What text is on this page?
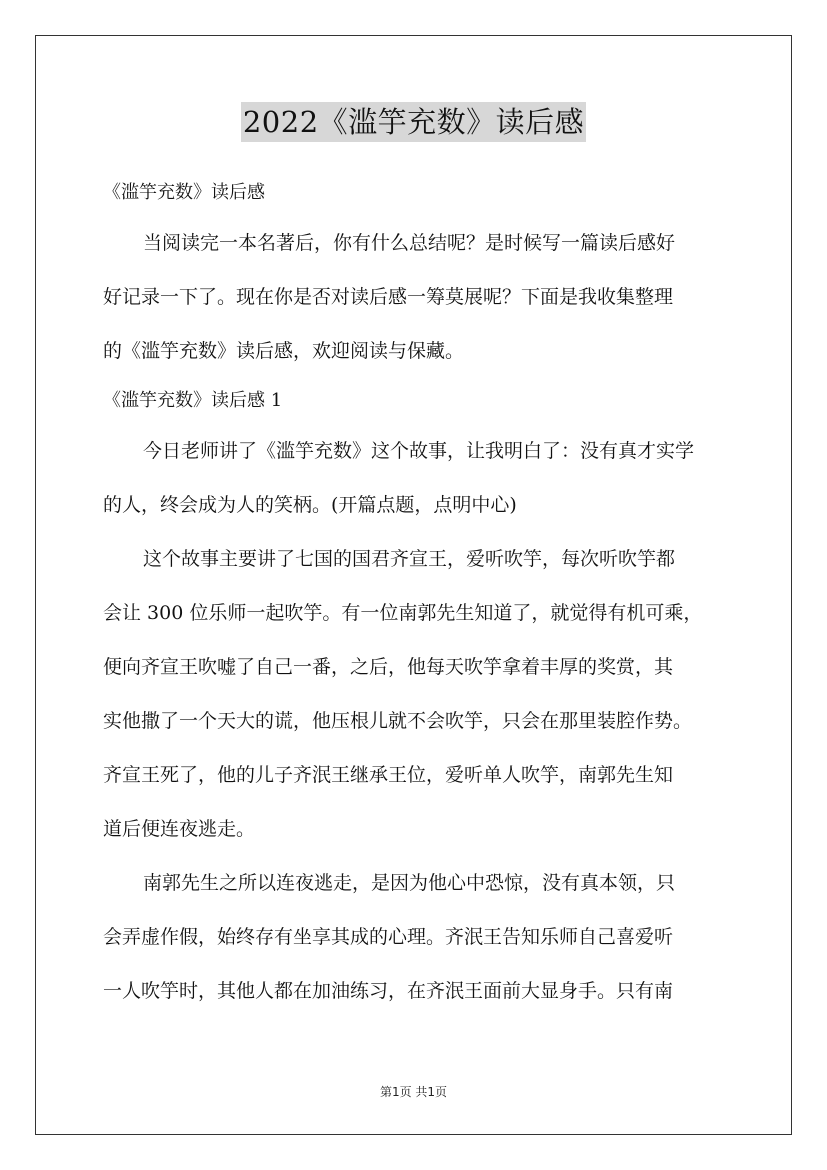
2022《滥竽充数》读后感
《滥竽充数》读后感
当阅读完一本名著后，你有什么总结呢？是时候写一篇读后感好
好记录一下了。现在你是否对读后感一筹莫展呢？下面是我收集整理
的《滥竽充数》读后感，欢迎阅读与保藏。
《滥竽充数》读后感 1
今日老师讲了《滥竽充数》这个故事，让我明白了：没有真才实学
的人，终会成为人的笑柄。(开篇点题，点明中心)
这个故事主要讲了七国的国君齐宣王，爱听吹竽，每次听吹竽都
会让 300 位乐师一起吹竽。有一位南郭先生知道了，就觉得有机可乘，
便向齐宣王吹嘘了自己一番，之后，他每天吹竽拿着丰厚的奖赏，其
实他撒了一个天大的谎，他压根儿就不会吹竽，只会在那里装腔作势。
齐宣王死了，他的儿子齐泯王继承王位，爱听单人吹竽，南郭先生知
道后便连夜逃走。
南郭先生之所以连夜逃走，是因为他心中恐惊，没有真本领，只
会弄虚作假，始终存有坐享其成的心理。齐泯王告知乐师自己喜爱听
一人吹竽时，其他人都在加油练习，在齐泯王面前大显身手。只有南
第1页 共1页
